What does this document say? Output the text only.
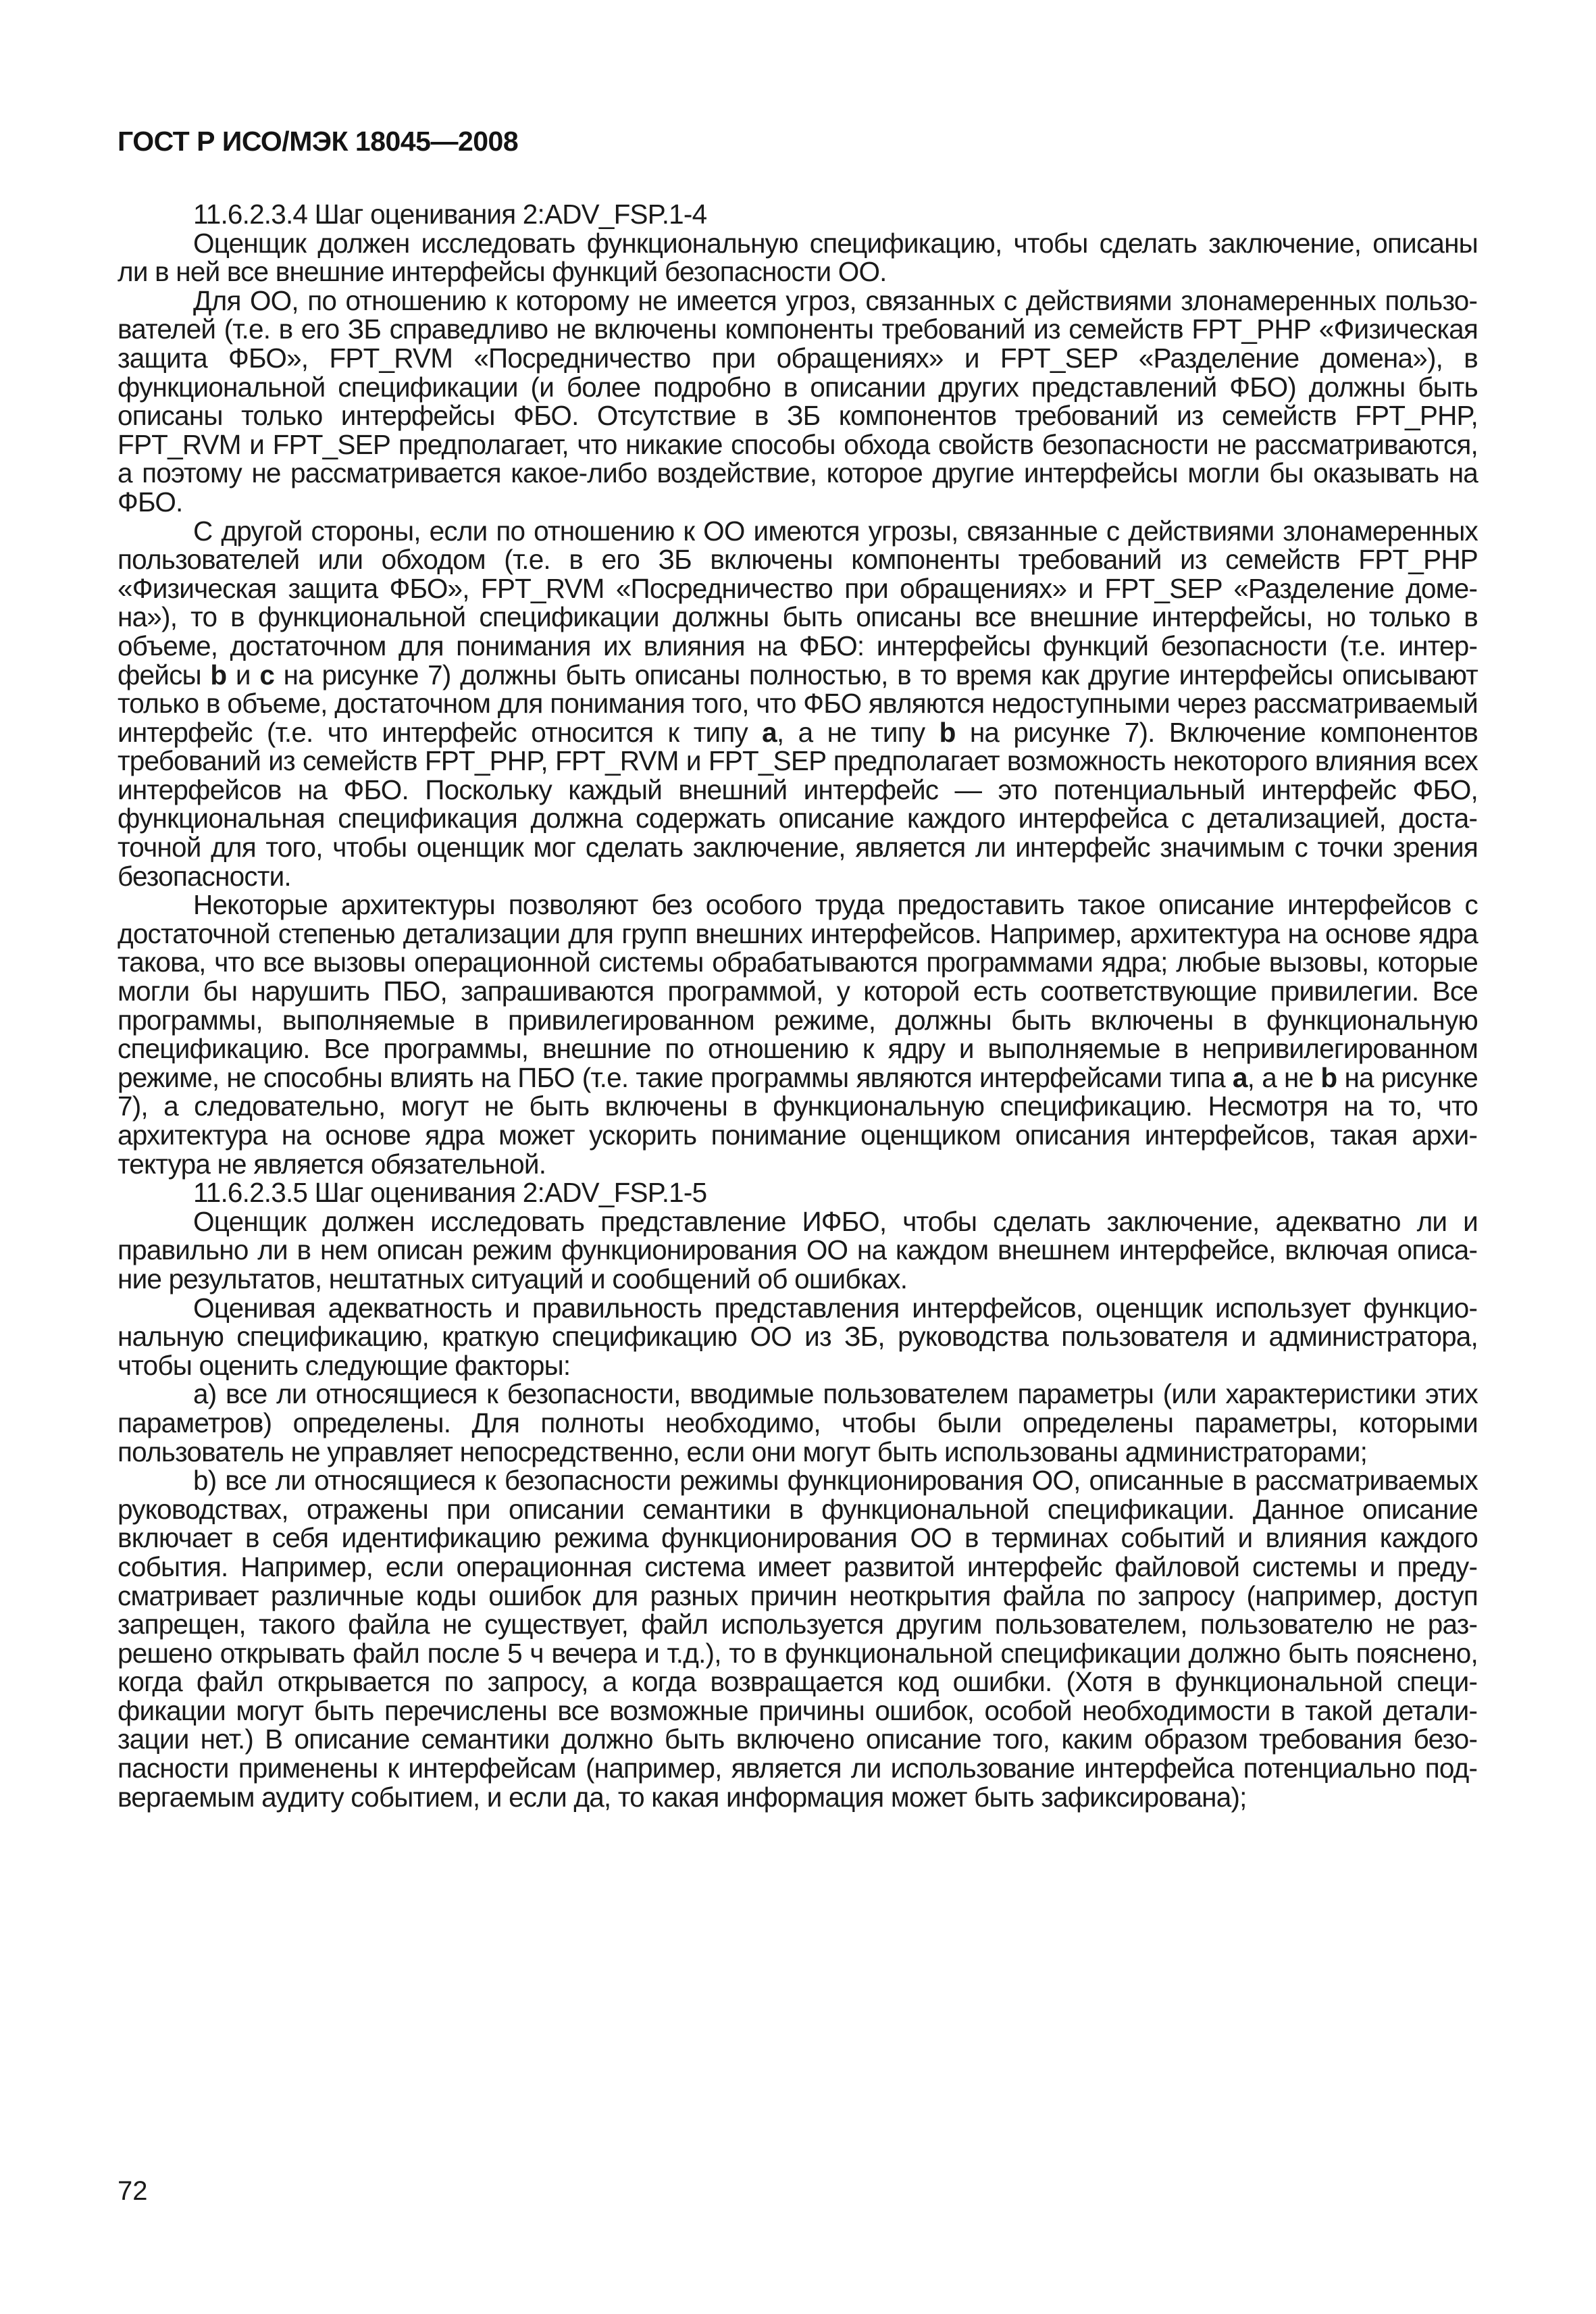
ГОСТ Р ИСО/МЭК 18045—2008

11.6.2.3.4 Шаг оценивания 2:ADV_FSP.1-4

Оценщик должен исследовать функциональную спецификацию, чтобы сделать заключение, описаны ли в ней все внешние интерфейсы функций безопасности ОО.

Для ОО, по отношению к которому не имеется угроз, связанных с действиями злонамеренных пользователей (т.е. в его ЗБ справедливо не включены компоненты требований из семейств FPT_PHP «Физическая защита ФБО», FPT_RVM «Посредничество при обращениях» и FPT_SEP «Разделение домена»), в функциональной спецификации (и более подробно в описании других представлений ФБО) должны быть описаны только интерфейсы ФБО. Отсутствие в ЗБ компонентов требований из семейств FPT_PHP, FPT_RVM и FPT_SEP предполагает, что никакие способы обхода свойств безопасности не рассматриваются, а поэтому не рассматривается какое-либо воздействие, которое другие интерфейсы могли бы оказывать на ФБО.

С другой стороны, если по отношению к ОО имеются угрозы, связанные с действиями злонамеренных пользователей или обходом (т.е. в его ЗБ включены компоненты требований из семейств FPT_PHP «Физическая защита ФБО», FPT_RVM «Посредничество при обращениях» и FPT_SEP «Разделение домена»), то в функциональной спецификации должны быть описаны все внешние интерфейсы, но только в объеме, достаточном для понимания их влияния на ФБО: интерфейсы функций безопасности (т.е. интерфейсы b и c на рисунке 7) должны быть описаны полностью, в то время как другие интерфейсы описывают только в объеме, достаточном для понимания того, что ФБО являются недоступными через рассматриваемый интерфейс (т.е. что интерфейс относится к типу a, а не типу b на рисунке 7). Включение компонентов требований из семейств FPT_PHP, FPT_RVM и FPT_SEP предполагает возможность некоторого влияния всех интерфейсов на ФБО. Поскольку каждый внешний интерфейс — это потенциальный интерфейс ФБО, функциональная спецификация должна содержать описание каждого интерфейса с детализацией, достаточной для того, чтобы оценщик мог сделать заключение, является ли интерфейс значимым с точки зрения безопасности.

Некоторые архитектуры позволяют без особого труда предоставить такое описание интерфейсов с достаточной степенью детализации для групп внешних интерфейсов. Например, архитектура на основе ядра такова, что все вызовы операционной системы обрабатываются программами ядра; любые вызовы, которые могли бы нарушить ПБО, запрашиваются программой, у которой есть соответствующие привилегии. Все программы, выполняемые в привилегированном режиме, должны быть включены в функциональную спецификацию. Все программы, внешние по отношению к ядру и выполняемые в непривилегированном режиме, не способны влиять на ПБО (т.е. такие программы являются интерфейсами типа a, а не b на рисунке 7), а следовательно, могут не быть включены в функциональную спецификацию. Несмотря на то, что архитектура на основе ядра может ускорить понимание оценщиком описания интерфейсов, такая архитектура не является обязательной.

11.6.2.3.5 Шаг оценивания 2:ADV_FSP.1-5

Оценщик должен исследовать представление ИФБО, чтобы сделать заключение, адекватно ли и правильно ли в нем описан режим функционирования ОО на каждом внешнем интерфейсе, включая описание результатов, нештатных ситуаций и сообщений об ошибках.

Оценивая адекватность и правильность представления интерфейсов, оценщик использует функциональную спецификацию, краткую спецификацию ОО из ЗБ, руководства пользователя и администратора, чтобы оценить следующие факторы:

a) все ли относящиеся к безопасности, вводимые пользователем параметры (или характеристики этих параметров) определены. Для полноты необходимо, чтобы были определены параметры, которыми пользователь не управляет непосредственно, если они могут быть использованы администраторами;

b) все ли относящиеся к безопасности режимы функционирования ОО, описанные в рассматриваемых руководствах, отражены при описании семантики в функциональной спецификации. Данное описание включает в себя идентификацию режима функционирования ОО в терминах событий и влияния каждого события. Например, если операционная система имеет развитой интерфейс файловой системы и предусматривает различные коды ошибок для разных причин неоткрытия файла по запросу (например, доступ запрещен, такого файла не существует, файл используется другим пользователем, пользователю не разрешено открывать файл после 5 ч вечера и т.д.), то в функциональной спецификации должно быть пояснено, когда файл открывается по запросу, а когда возвращается код ошибки. (Хотя в функциональной спецификации могут быть перечислены все возможные причины ошибок, особой необходимости в такой детализации нет.) В описание семантики должно быть включено описание того, каким образом требования безопасности применены к интерфейсам (например, является ли использование интерфейса потенциально подвергаемым аудиту событием, и если да, то какая информация может быть зафиксирована);

72
